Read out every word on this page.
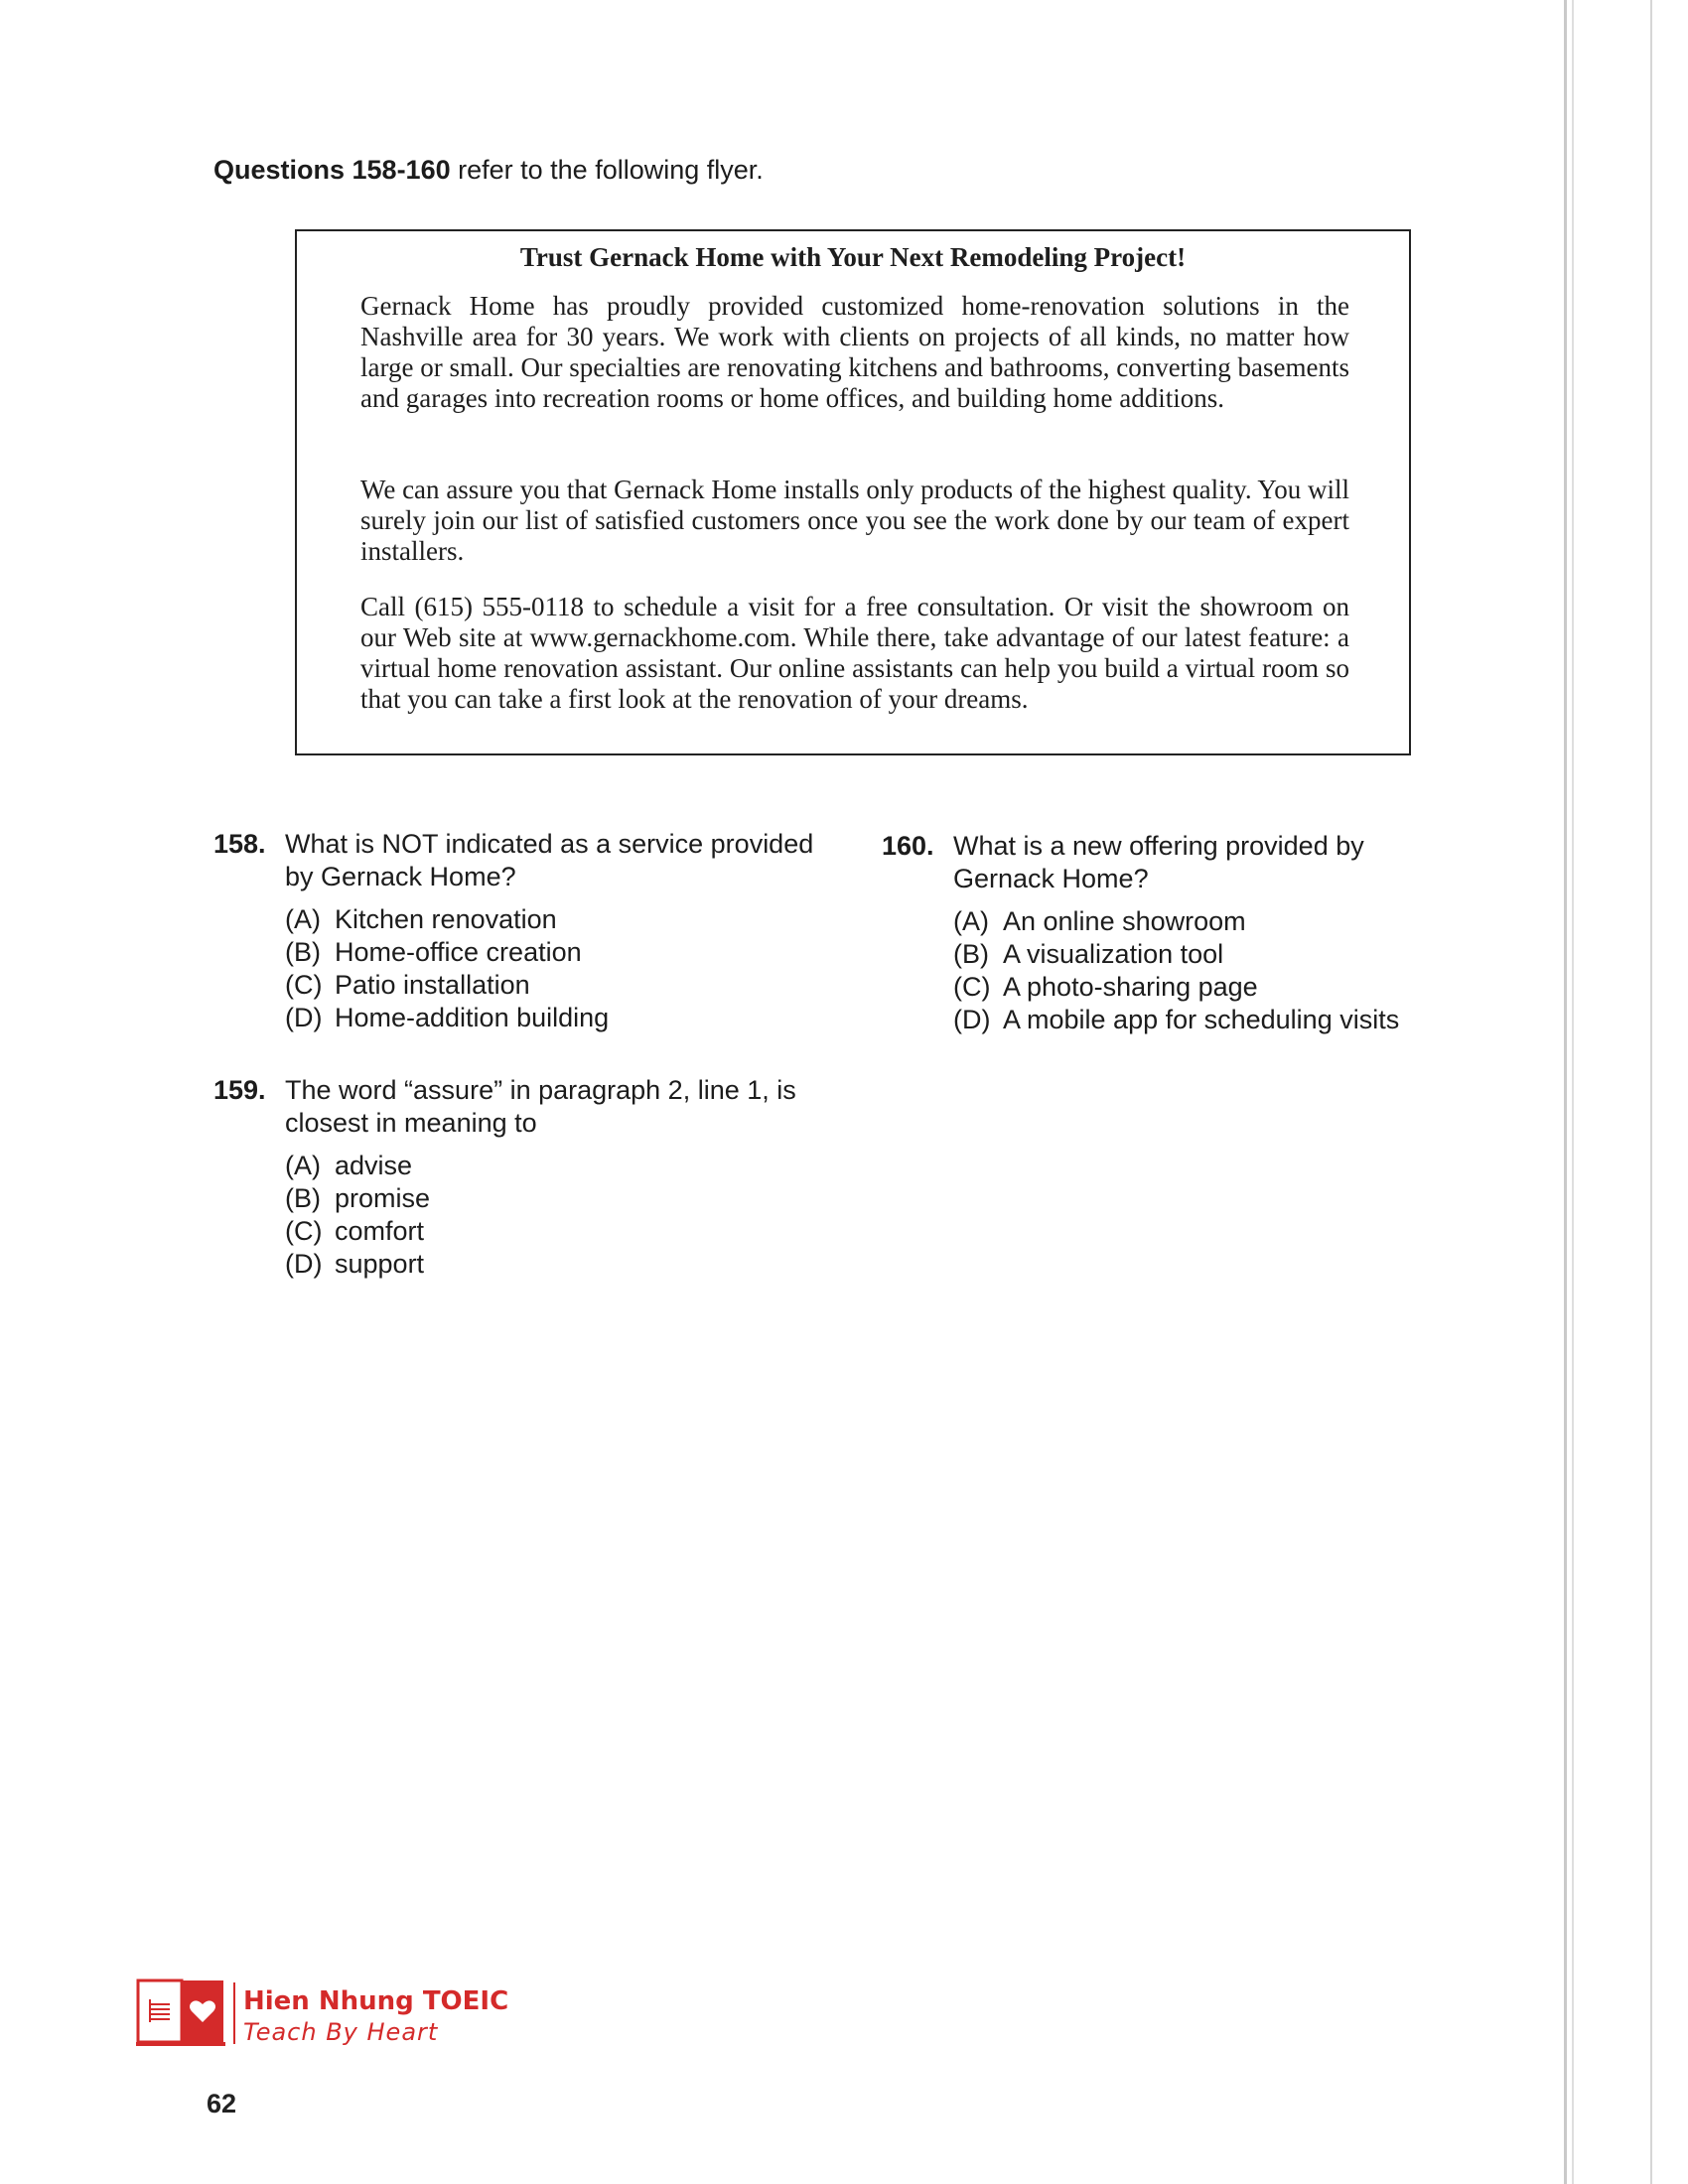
Questions 158-160 refer to the following flyer.
Trust Gernack Home with Your Next Remodeling Project!

Gernack Home has proudly provided customized home-renovation solutions in the Nashville area for 30 years. We work with clients on projects of all kinds, no matter how large or small. Our specialties are renovating kitchens and bathrooms, converting basements and garages into recreation rooms or home offices, and building home additions.

We can assure you that Gernack Home installs only products of the highest quality. You will surely join our list of satisfied customers once you see the work done by our team of expert installers.

Call (615) 555-0118 to schedule a visit for a free consultation. Or visit the showroom on our Web site at www.gernackhome.com. While there, take advantage of our latest feature: a virtual home renovation assistant. Our online assistants can help you build a virtual room so that you can take a first look at the renovation of your dreams.

158. What is NOT indicated as a service provided by Gernack Home?
(A) Kitchen renovation
(B) Home-office creation
(C) Patio installation
(D) Home-addition building
159. The word “assure” in paragraph 2, line 1, is closest in meaning to
(A) advise
(B) promise
(C) comfort
(D) support
160. What is a new offering provided by Gernack Home?
(A) An online showroom
(B) A visualization tool
(C) A photo-sharing page
(D) A mobile app for scheduling visits
Hien Nhung TOEIC
Teach By Heart
62
